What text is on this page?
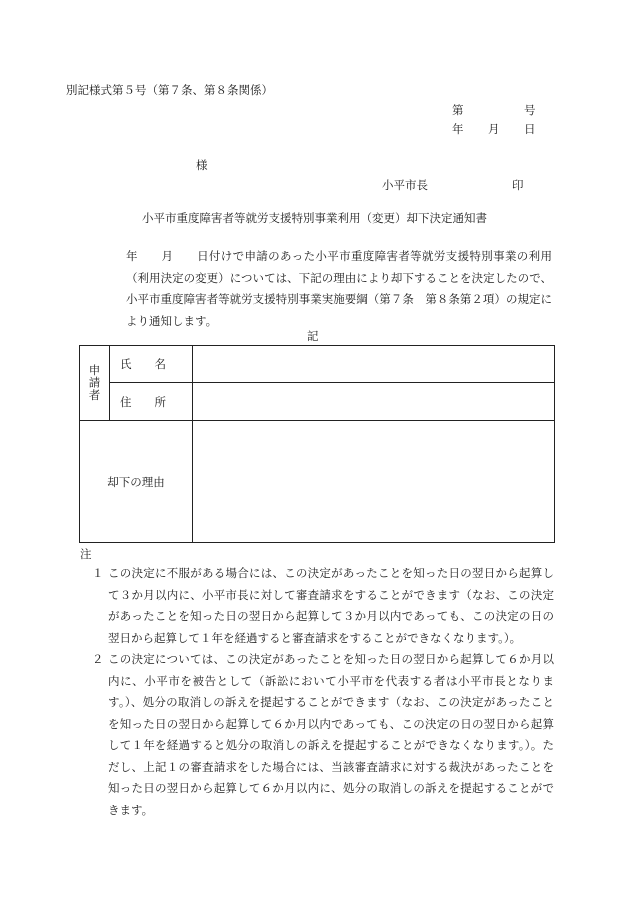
別記様式第５号（第７条、第８条関係）
第	号
年 月 日
様
小平市長	印
小平市重度障害者等就労支援特別事業利用（変更）却下決定通知書
年　　月　　日付けで申請のあった小平市重度障害者等就労支援特別事業の利用（利用決定の変更）については、下記の理由により却下することを決定したので、小平市重度障害者等就労支援特別事業実施要綱（第７条　第８条第２項）の規定により通知します。
記
申請者	氏　　名	
	住　　所	
却下の理由		
注
１ この決定に不服がある場合には、この決定があったことを知った日の翌日から起算して３か月以内に、小平市長に対して審査請求をすることができます（なお、この決定があったことを知った日の翌日から起算して３か月以内であっても、この決定の日の翌日から起算して１年を経過すると審査請求をすることができなくなります。）。
２ この決定については、この決定があったことを知った日の翌日から起算して６か月以内に、小平市を被告として（訴訟において小平市を代表する者は小平市長となります。）、処分の取消しの訴えを提起することができます（なお、この決定があったことを知った日の翌日から起算して６か月以内であっても、この決定の日の翌日から起算して１年を経過すると処分の取消しの訴えを提起することができなくなります。）。ただし、上記１の審査請求をした場合には、当該審査請求に対する裁決があったことを知った日の翌日から起算して６か月以内に、処分の取消しの訴えを提起することができます。
